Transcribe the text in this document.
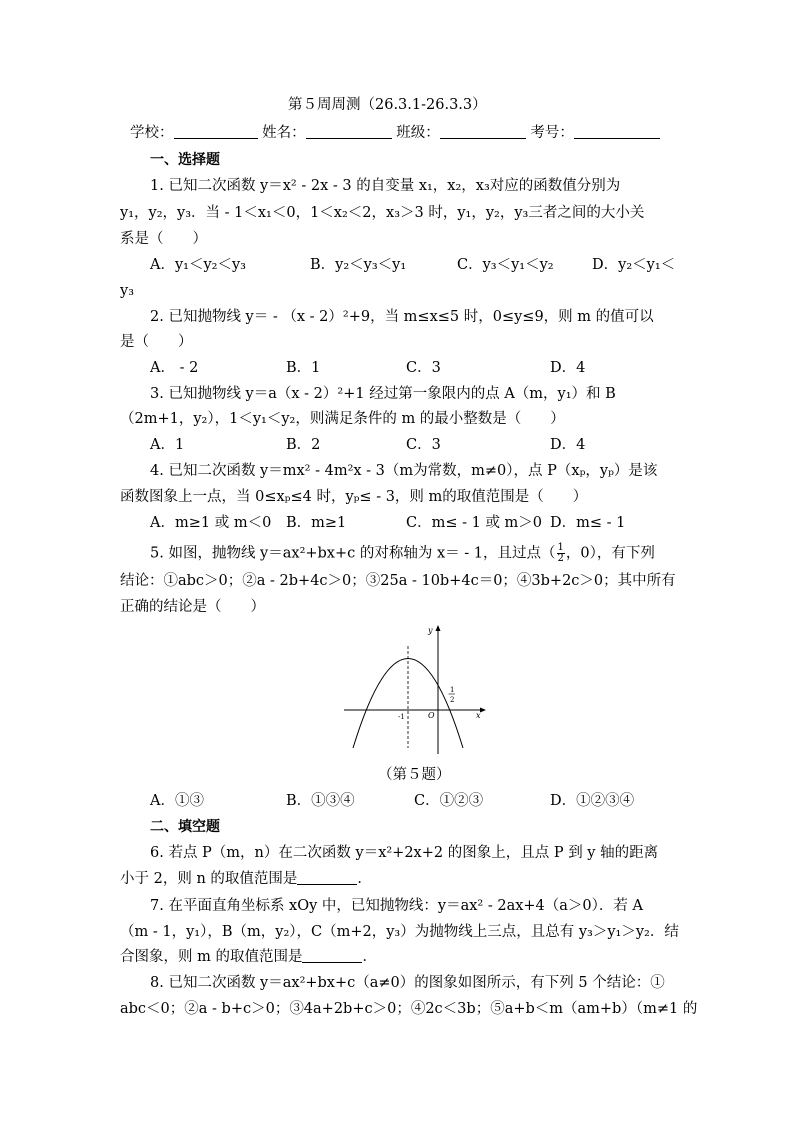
第５周周测（26.3.1-26.3.3）
学校：	姓名：	班级：	考号：
一、选择题
1. 已知二次函数 y＝x² - 2x - 3 的自变量 x₁，x₂，x₃对应的函数值分别为
y₁，y₂，y₃．当 - 1＜x₁＜0，1＜x₂＜2，x₃＞3 时，y₁，y₂，y₃三者之间的大小关
系是（　　）
A．y₁＜y₂＜y₃	B．y₂＜y₃＜y₁	C．y₃＜y₁＜y₂	D．y₂＜y₁＜
y₃
2. 已知抛物线 y＝ - （x - 2）²+9，当 m≤x≤5 时，0≤y≤9，则 m 的值可以
是（　　）
A． - 2	B．1	C．3	D．4
3. 已知抛物线 y＝a（x - 2）²+1 经过第一象限内的点 A（m，y₁）和 B
（2m+1，y₂），1＜y₁＜y₂，则满足条件的 m 的最小整数是（　　）
A．1	B．2	C．3	D．4
4. 已知二次函数 y＝mx² - 4m²x - 3（m为常数，m≠0），点 P（xₚ，yₚ）是该
函数图象上一点，当 0≤xₚ≤4 时，yₚ≤ - 3，则 m的取值范围是（　　）
A．m≥1 或 m＜0 B．m≥1	C．m≤ - 1 或 m＞0 D．m≤ - 1
5. 如图，抛物线 y＝ax²+bx+c 的对称轴为 x＝ - 1，且过点（ $\frac{1}{2}$ ，0），有下列
结论：①abc＞0；②a - 2b+4c＞0；③25a - 10b+4c＝0；④3b+2c＞0；其中所有
正确的结论是（　　）
y
x
O
-1
1
2
（第５题）
A．①③	B．①③④	C．①②③	D．①②③④
二、填空题
6. 若点 P（m，n）在二次函数 y＝x²+2x+2 的图象上，且点 P 到 y 轴的距离
小于 2，则 n 的取值范围是	．
7. 在平面直角坐标系 xOy 中，已知抛物线：y＝ax² - 2ax+4（a＞0）．若 A
（m - 1，y₁），B（m，y₂），C（m+2，y₃）为抛物线上三点，且总有 y₃＞y₁＞y₂．结
合图象，则 m 的取值范围是	．
8. 已知二次函数 y＝ax²+bx+c（a≠0）的图象如图所示，有下列 5 个结论：①
abc＜0；②a - b+c＞0；③4a+2b+c＞0；④2c＜3b；⑤a+b＜m（am+b）（m≠1 的
